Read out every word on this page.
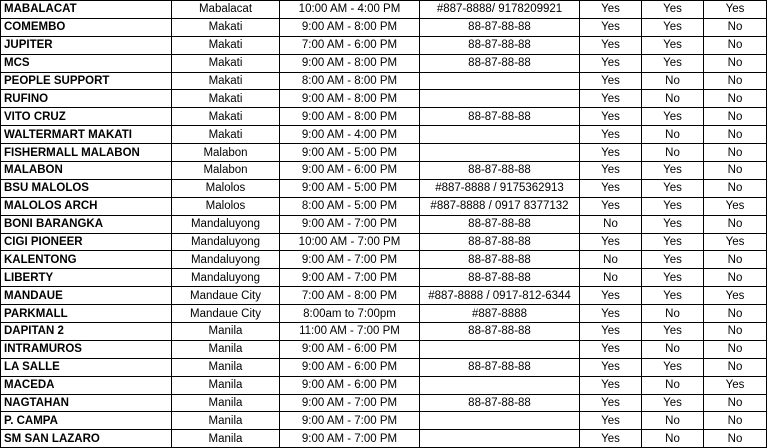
MABALACAT	Mabalacat	10:00 AM - 4:00 PM	#887-8888/ 9178209921	Yes	Yes	Yes
COMEMBO	Makati	9:00 AM - 8:00 PM	88-87-88-88	Yes	Yes	No
JUPITER	Makati	7:00 AM - 6:00 PM	88-87-88-88	Yes	Yes	No
MCS	Makati	9:00 AM - 8:00 PM	88-87-88-88	Yes	Yes	No
PEOPLE SUPPORT	Makati	8:00 AM - 8:00 PM		Yes	No	No
RUFINO	Makati	9:00 AM - 8:00 PM		Yes	No	No
VITO CRUZ	Makati	9:00 AM - 8:00 PM	88-87-88-88	Yes	Yes	No
WALTERMART MAKATI	Makati	9:00 AM - 4:00 PM		Yes	No	No
FISHERMALL MALABON	Malabon	9:00 AM - 5:00 PM		Yes	No	No
MALABON	Malabon	9:00 AM - 6:00 PM	88-87-88-88	Yes	Yes	No
BSU MALOLOS	Malolos	9:00 AM - 5:00 PM	#887-8888 / 9175362913	Yes	Yes	No
MALOLOS ARCH	Malolos	8:00 AM - 5:00 PM	#887-8888 / 0917 8377132	Yes	Yes	Yes
BONI BARANGKA	Mandaluyong	9:00 AM - 7:00 PM	88-87-88-88	No	Yes	No
CIGI PIONEER	Mandaluyong	10:00 AM - 7:00 PM	88-87-88-88	Yes	Yes	Yes
KALENTONG	Mandaluyong	9:00 AM - 7:00 PM	88-87-88-88	No	Yes	No
LIBERTY	Mandaluyong	9:00 AM - 7:00 PM	88-87-88-88	No	Yes	No
MANDAUE	Mandaue City	7:00 AM - 8:00 PM	#887-8888 / 0917-812-6344	Yes	Yes	Yes
PARKMALL	Mandaue City	8:00am to 7:00pm	#887-8888	Yes	No	No
DAPITAN 2	Manila	11:00 AM - 7:00 PM	88-87-88-88	Yes	Yes	No
INTRAMUROS	Manila	9:00 AM - 6:00 PM		Yes	No	No
LA SALLE	Manila	9:00 AM - 6:00 PM	88-87-88-88	Yes	Yes	No
MACEDA	Manila	9:00 AM - 6:00 PM		Yes	No	Yes
NAGTAHAN	Manila	9:00 AM - 7:00 PM	88-87-88-88	Yes	Yes	No
P. CAMPA	Manila	9:00 AM - 7:00 PM		Yes	No	No
SM SAN LAZARO	Manila	9:00 AM - 7:00 PM		Yes	No	No
